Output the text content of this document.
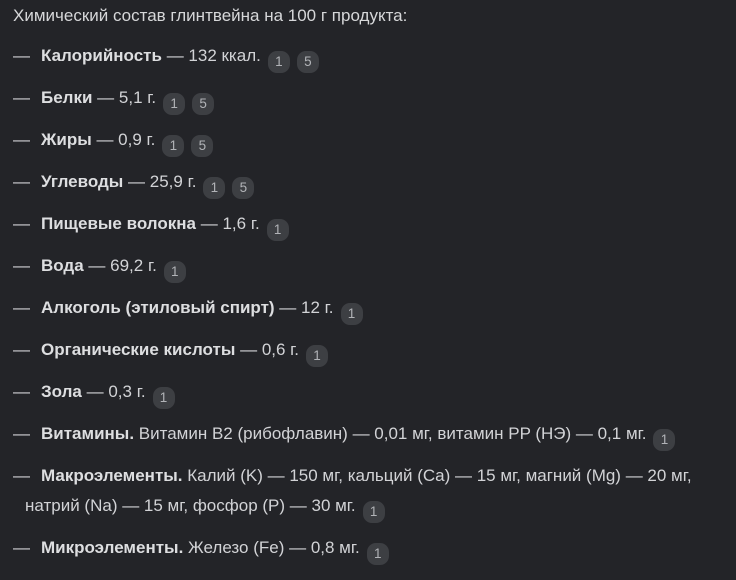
Химический состав глинтвейна на 100 г продукта:
— Калорийность — 132 ккал. 1 5
— Белки — 5,1 г. 1 5
— Жиры — 0,9 г. 1 5
— Углеводы — 25,9 г. 1 5
— Пищевые волокна — 1,6 г. 1
— Вода — 69,2 г. 1
— Алкоголь (этиловый спирт) — 12 г. 1
— Органические кислоты — 0,6 г. 1
— Зола — 0,3 г. 1
— Витамины. Витамин B2 (рибофлавин) — 0,01 мг, витамин PP (НЭ) — 0,1 мг. 1
— Макроэлементы. Калий (K) — 150 мг, кальций (Ca) — 15 мг, магний (Mg) — 20 мг, натрий (Na) — 15 мг, фосфор (P) — 30 мг. 1
— Микроэлементы. Железо (Fe) — 0,8 мг. 1
